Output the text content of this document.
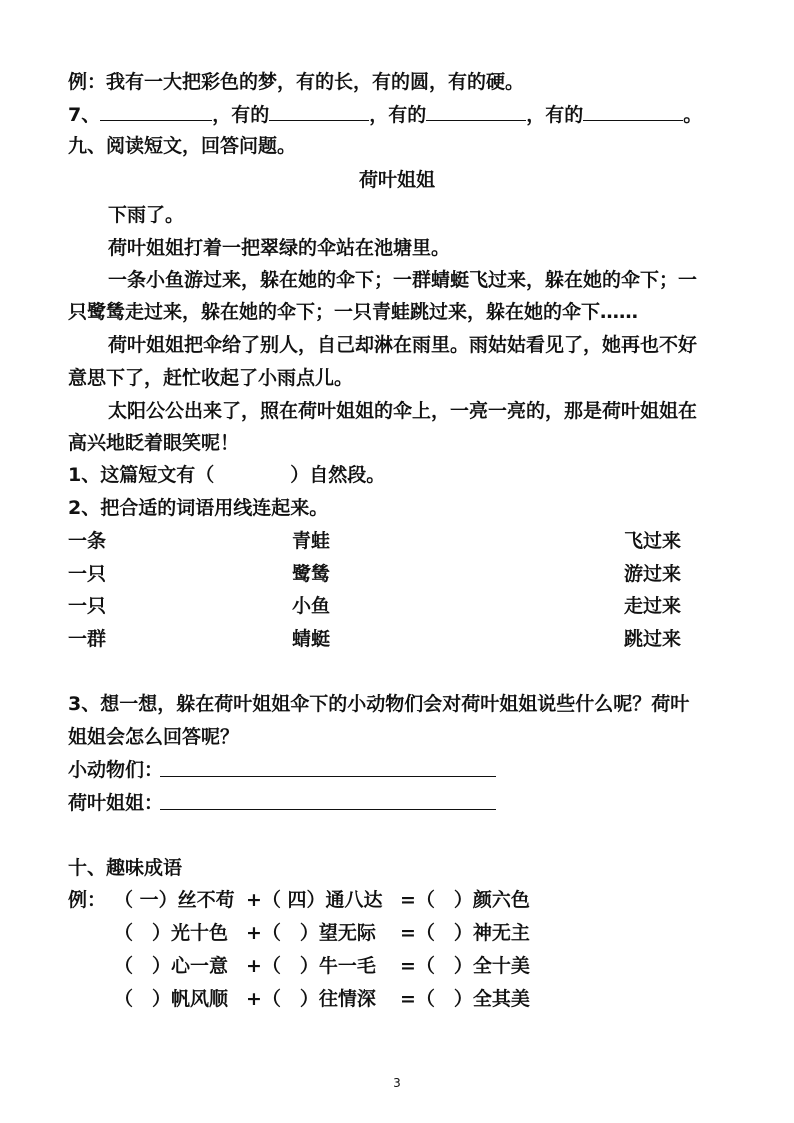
例：我有一大把彩色的梦，有的长，有的圆，有的硬。
7、	，有的	，有的	，有的	。
九、阅读短文，回答问题。
荷叶姐姐
下雨了。
荷叶姐姐打着一把翠绿的伞站在池塘里。
一条小鱼游过来，躲在她的伞下；一群蜻蜓飞过来，躲在她的伞下；一
只鹭鸶走过来，躲在她的伞下；一只青蛙跳过来，躲在她的伞下……
荷叶姐姐把伞给了别人，自己却淋在雨里。雨姑姑看见了，她再也不好
意思下了，赶忙收起了小雨点儿。
太阳公公出来了，照在荷叶姐姐的伞上，一亮一亮的，那是荷叶姐姐在
高兴地眨着眼笑呢！
1、这篇短文有（　　　　）自然段。
2、把合适的词语用线连起来。
一条	青蛙	飞过来
一只	鹭鸶	游过来
一只	小鱼	走过来
一群	蜻蜓	跳过来
3、想一想，躲在荷叶姐姐伞下的小动物们会对荷叶姐姐说些什么呢？荷叶
姐姐会怎么回答呢？
小动物们：
荷叶姐姐：
十、趣味成语
例： （ 一）丝不苟 +（ 四）通八达 =（　）颜六色
（　）光十色 +（　）望无际 =（　）神无主
（　）心一意 +（　）牛一毛 =（　）全十美
（　）帆风顺 +（　）往情深 =（　）全其美
3
